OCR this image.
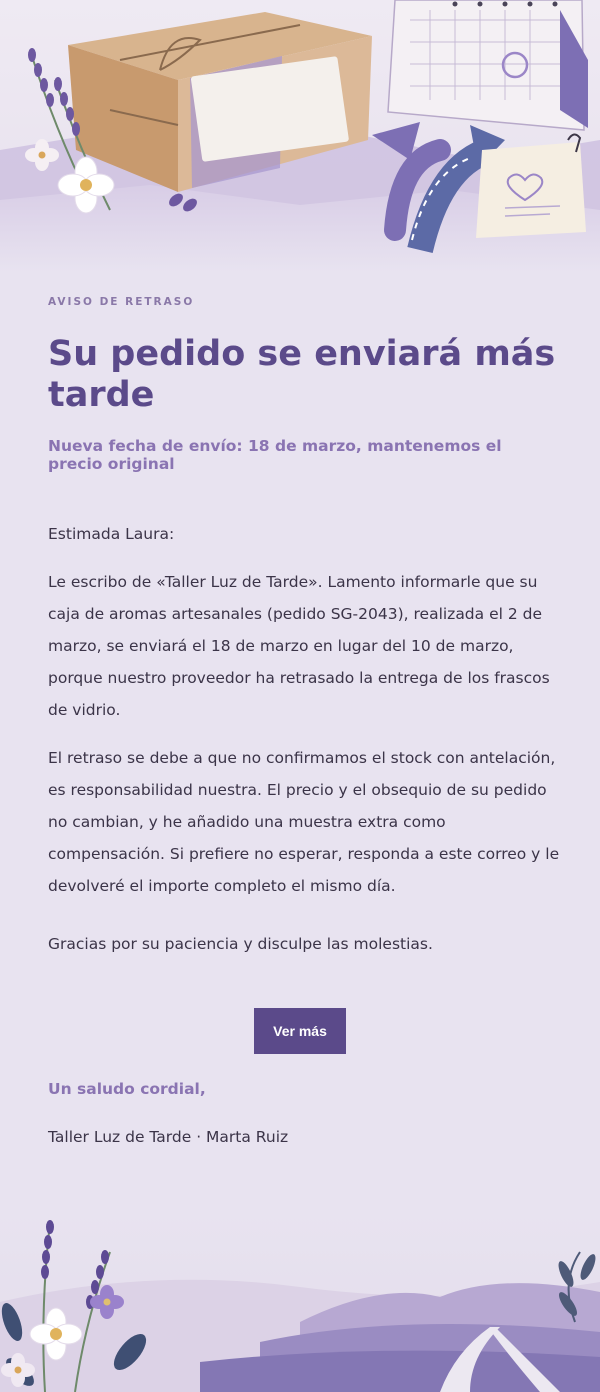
AVISO DE RETRASO
Su pedido se enviará más tarde
Nueva fecha de envío: 18 de marzo, mantenemos el precio original

Estimada Laura:

Le escribo de «Taller Luz de Tarde». Lamento informarle que su caja de aromas artesanales (pedido SG-2043), realizada el 2 de marzo, se enviará el 18 de marzo en lugar del 10 de marzo, porque nuestro proveedor ha retrasado la entrega de los frascos de vidrio.

El retraso se debe a que no confirmamos el stock con antelación, es responsabilidad nuestra. El precio y el obsequio de su pedido no cambian, y he añadido una muestra extra como compensación. Si prefiere no esperar, responda a este correo y le devolveré el importe completo el mismo día.

Gracias por su paciencia y disculpe las molestias.

Ver más
Un saludo cordial,
Taller Luz de Tarde · Marta Ruiz
